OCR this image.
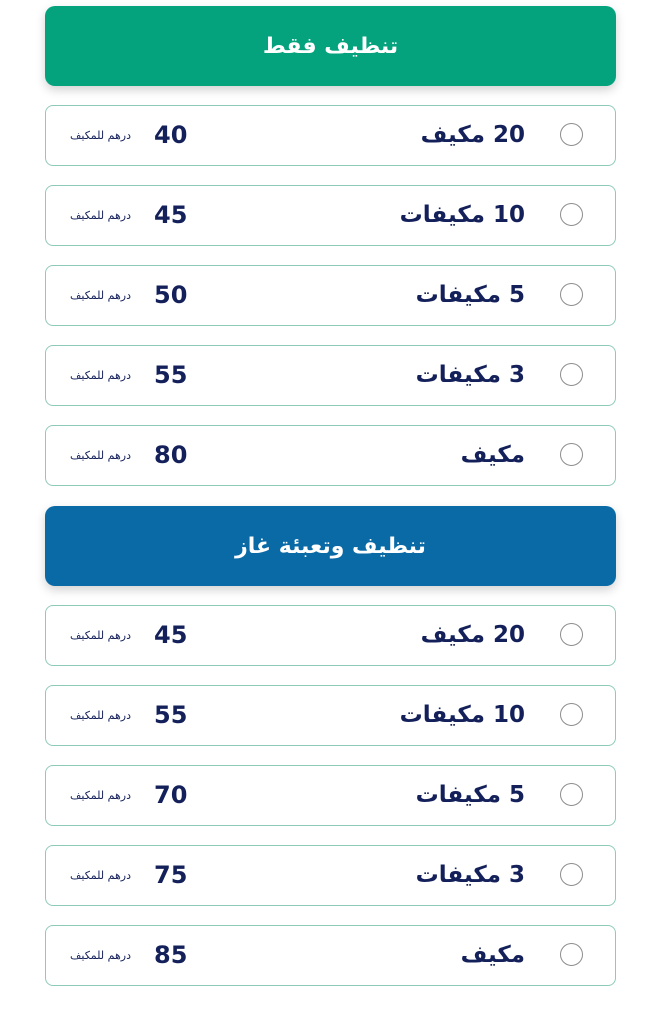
تنظيف فقط
20 مكيف
40
درهم للمكيف
10 مكيفات
45
درهم للمكيف
5 مكيفات
50
درهم للمكيف
3 مكيفات
55
درهم للمكيف
مكيف
80
درهم للمكيف
تنظيف وتعبئة غاز
20 مكيف
45
درهم للمكيف
10 مكيفات
55
درهم للمكيف
5 مكيفات
70
درهم للمكيف
3 مكيفات
75
درهم للمكيف
مكيف
85
درهم للمكيف
